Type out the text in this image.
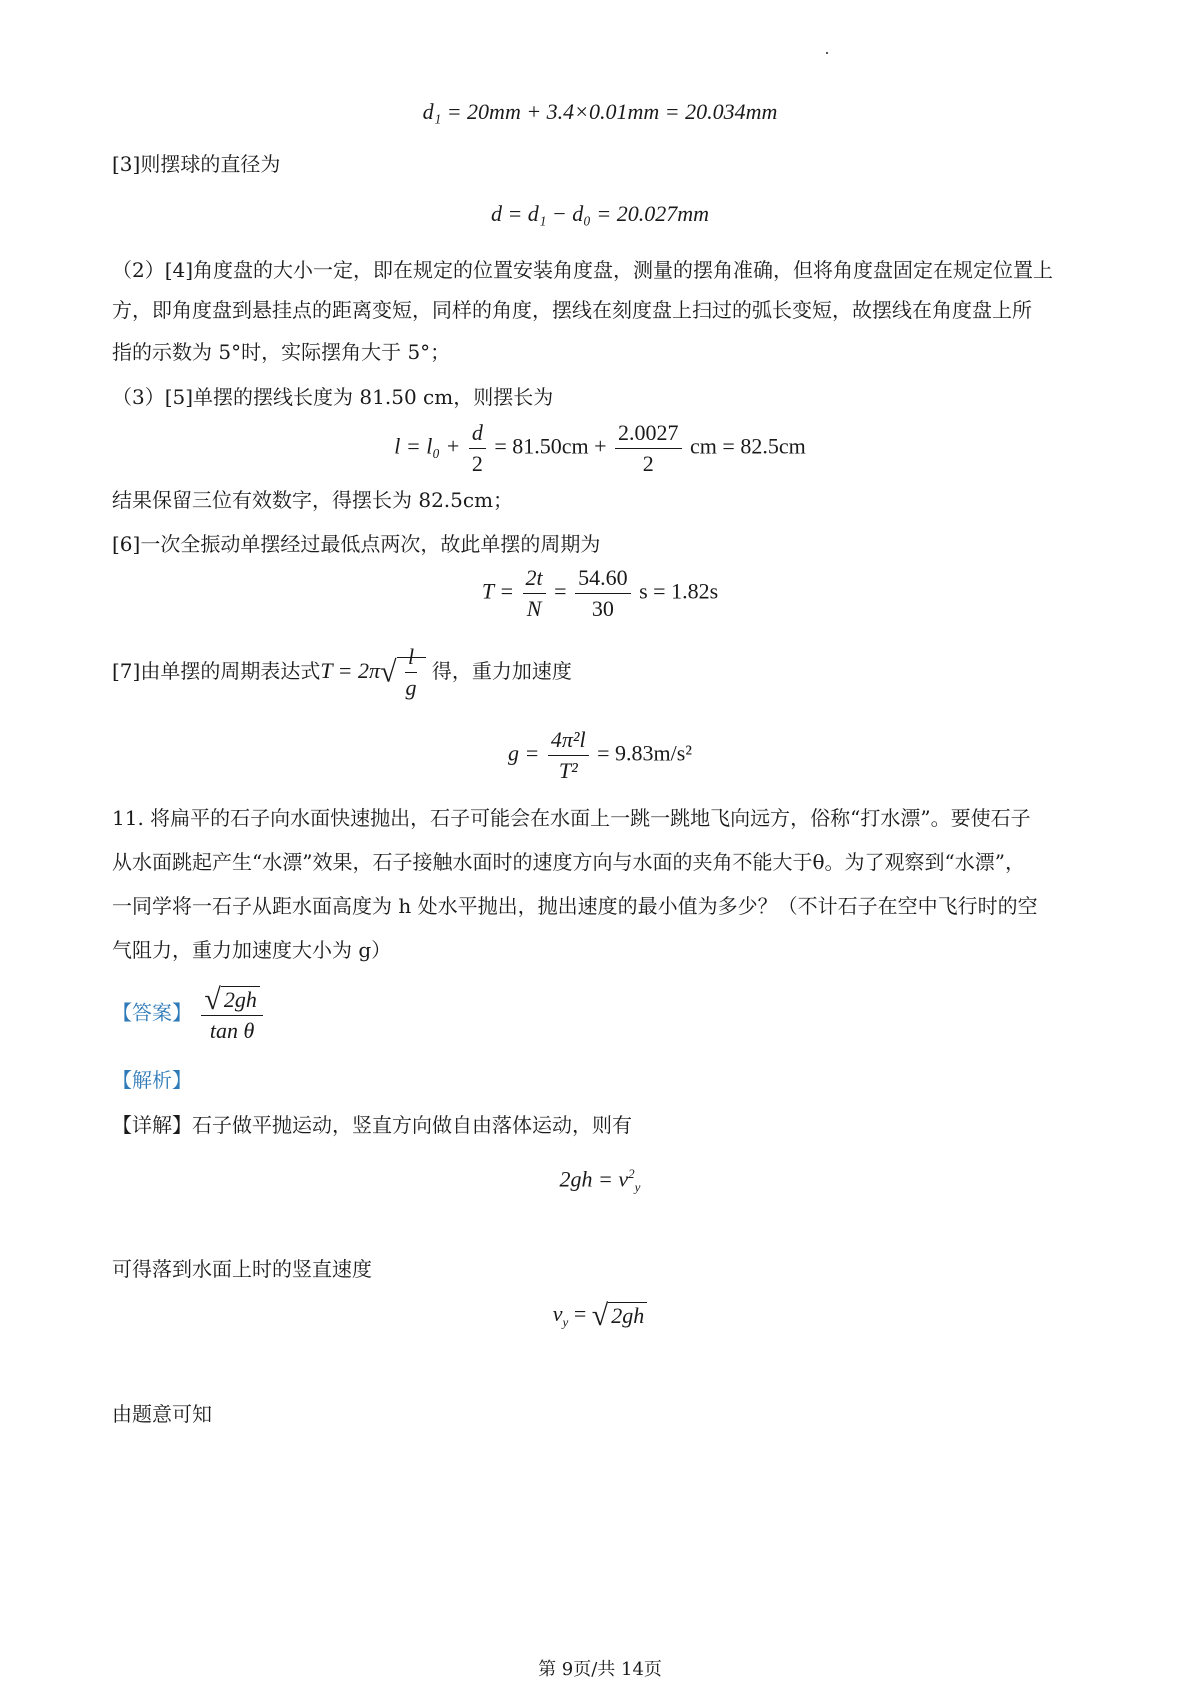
d₁ = 20mm + 3.4×0.01mm = 20.034mm
[3]则摆球的直径为
d = d₁ − d₀ = 20.027mm
（2）[4]角度盘的大小一定，即在规定的位置安装角度盘，测量的摆角准确，但将角度盘固定在规定位置上
方，即角度盘到悬挂点的距离变短，同样的角度，摆线在刻度盘上扫过的弧长变短，故摆线在角度盘上所
指的示数为 5°时，实际摆角大于 5°；
（3）[5]单摆的摆线长度为 81.50 cm，则摆长为
$l = l_0 + \frac{d}{2} = 81.50cm + \frac{2.0027}{2}$ cm = 82.5cm
结果保留三位有效数字，得摆长为 82.5cm；
[6]一次全振动单摆经过最低点两次，故此单摆的周期为
$T = \frac{2t}{N} = \frac{54.60}{30}$ s = 1.82s
[7]由单摆的周期表达式$T = 2\pi√ \frac{l}{g}$ 得，重力加速度
$g = \frac{\text{4π²l}}{\text{T²}} = 9.83m/s^2$
11. 将扁平的石子向水面快速抛出，石子可能会在水面上一跳一跳地飞向远方，俗称“打水漂”。要使石子
从水面跳起产生“水漂”效果，石子接触水面时的速度方向与水面的夹角不能大于θ。为了观察到“水漂”，
一同学将一石子从距水面高度为 h 处水平抛出，抛出速度的最小值为多少？（不计石子在空中飞行时的空
气阻力，重力加速度大小为 g）
【答案】 $\frac{√ 2gh}{\text{tan θ}}$
【解析】
【详解】石子做平抛运动，竖直方向做自由落体运动，则有
$2gh = v^2_y$
可得落到水面上时的竖直速度
$v_y$ = √ 2gh
由题意可知
第 9页/共 14页
